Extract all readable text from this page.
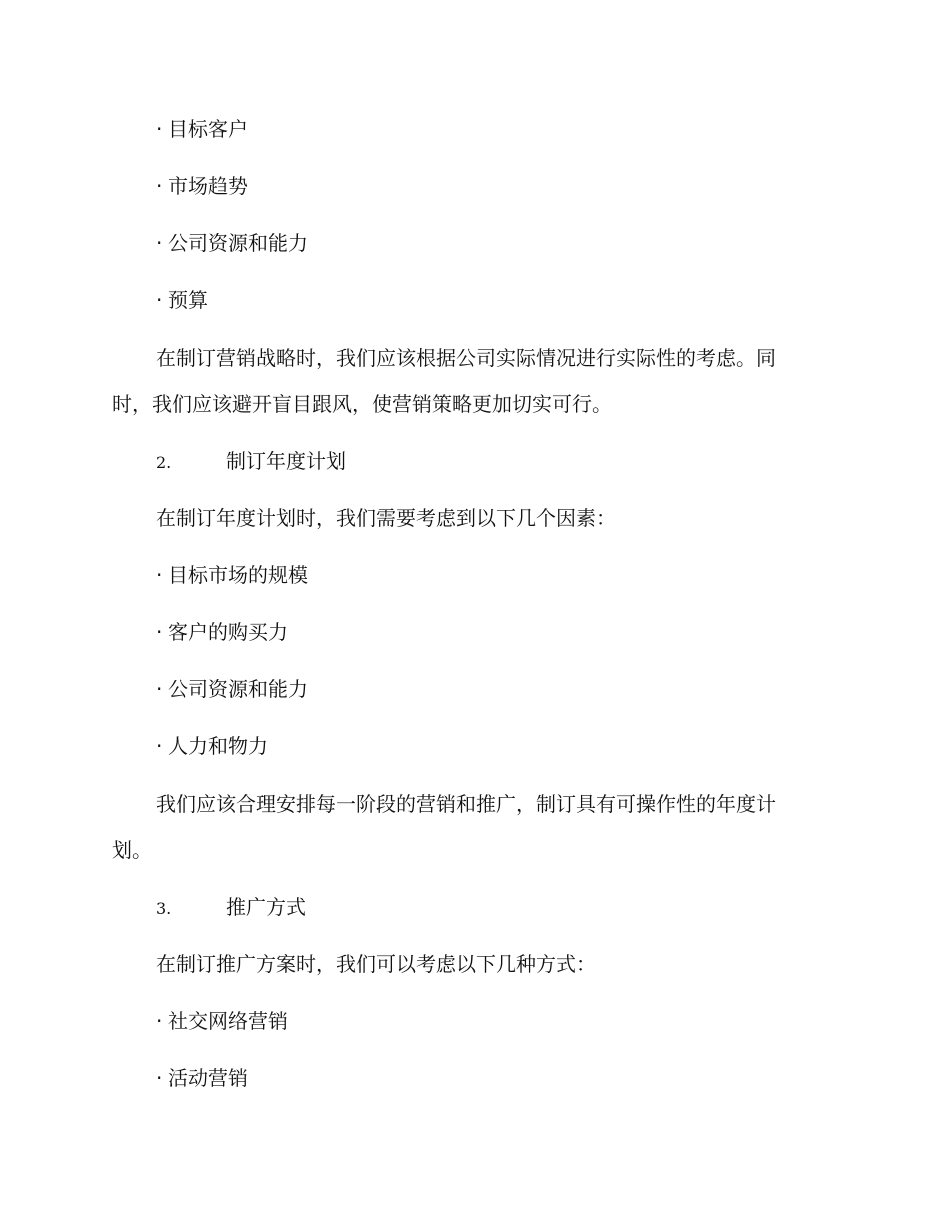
· 目标客户
· 市场趋势
· 公司资源和能力
· 预算
在制订营销战略时，我们应该根据公司实际情况进行实际性的考虑。同
时，我们应该避开盲目跟风，使营销策略更加切实可行。
2.	制订年度计划
在制订年度计划时，我们需要考虑到以下几个因素：
· 目标市场的规模
· 客户的购买力
· 公司资源和能力
· 人力和物力
我们应该合理安排每一阶段的营销和推广，制订具有可操作性的年度计
划。
3.	推广方式
在制订推广方案时，我们可以考虑以下几种方式：
· 社交网络营销
· 活动营销
